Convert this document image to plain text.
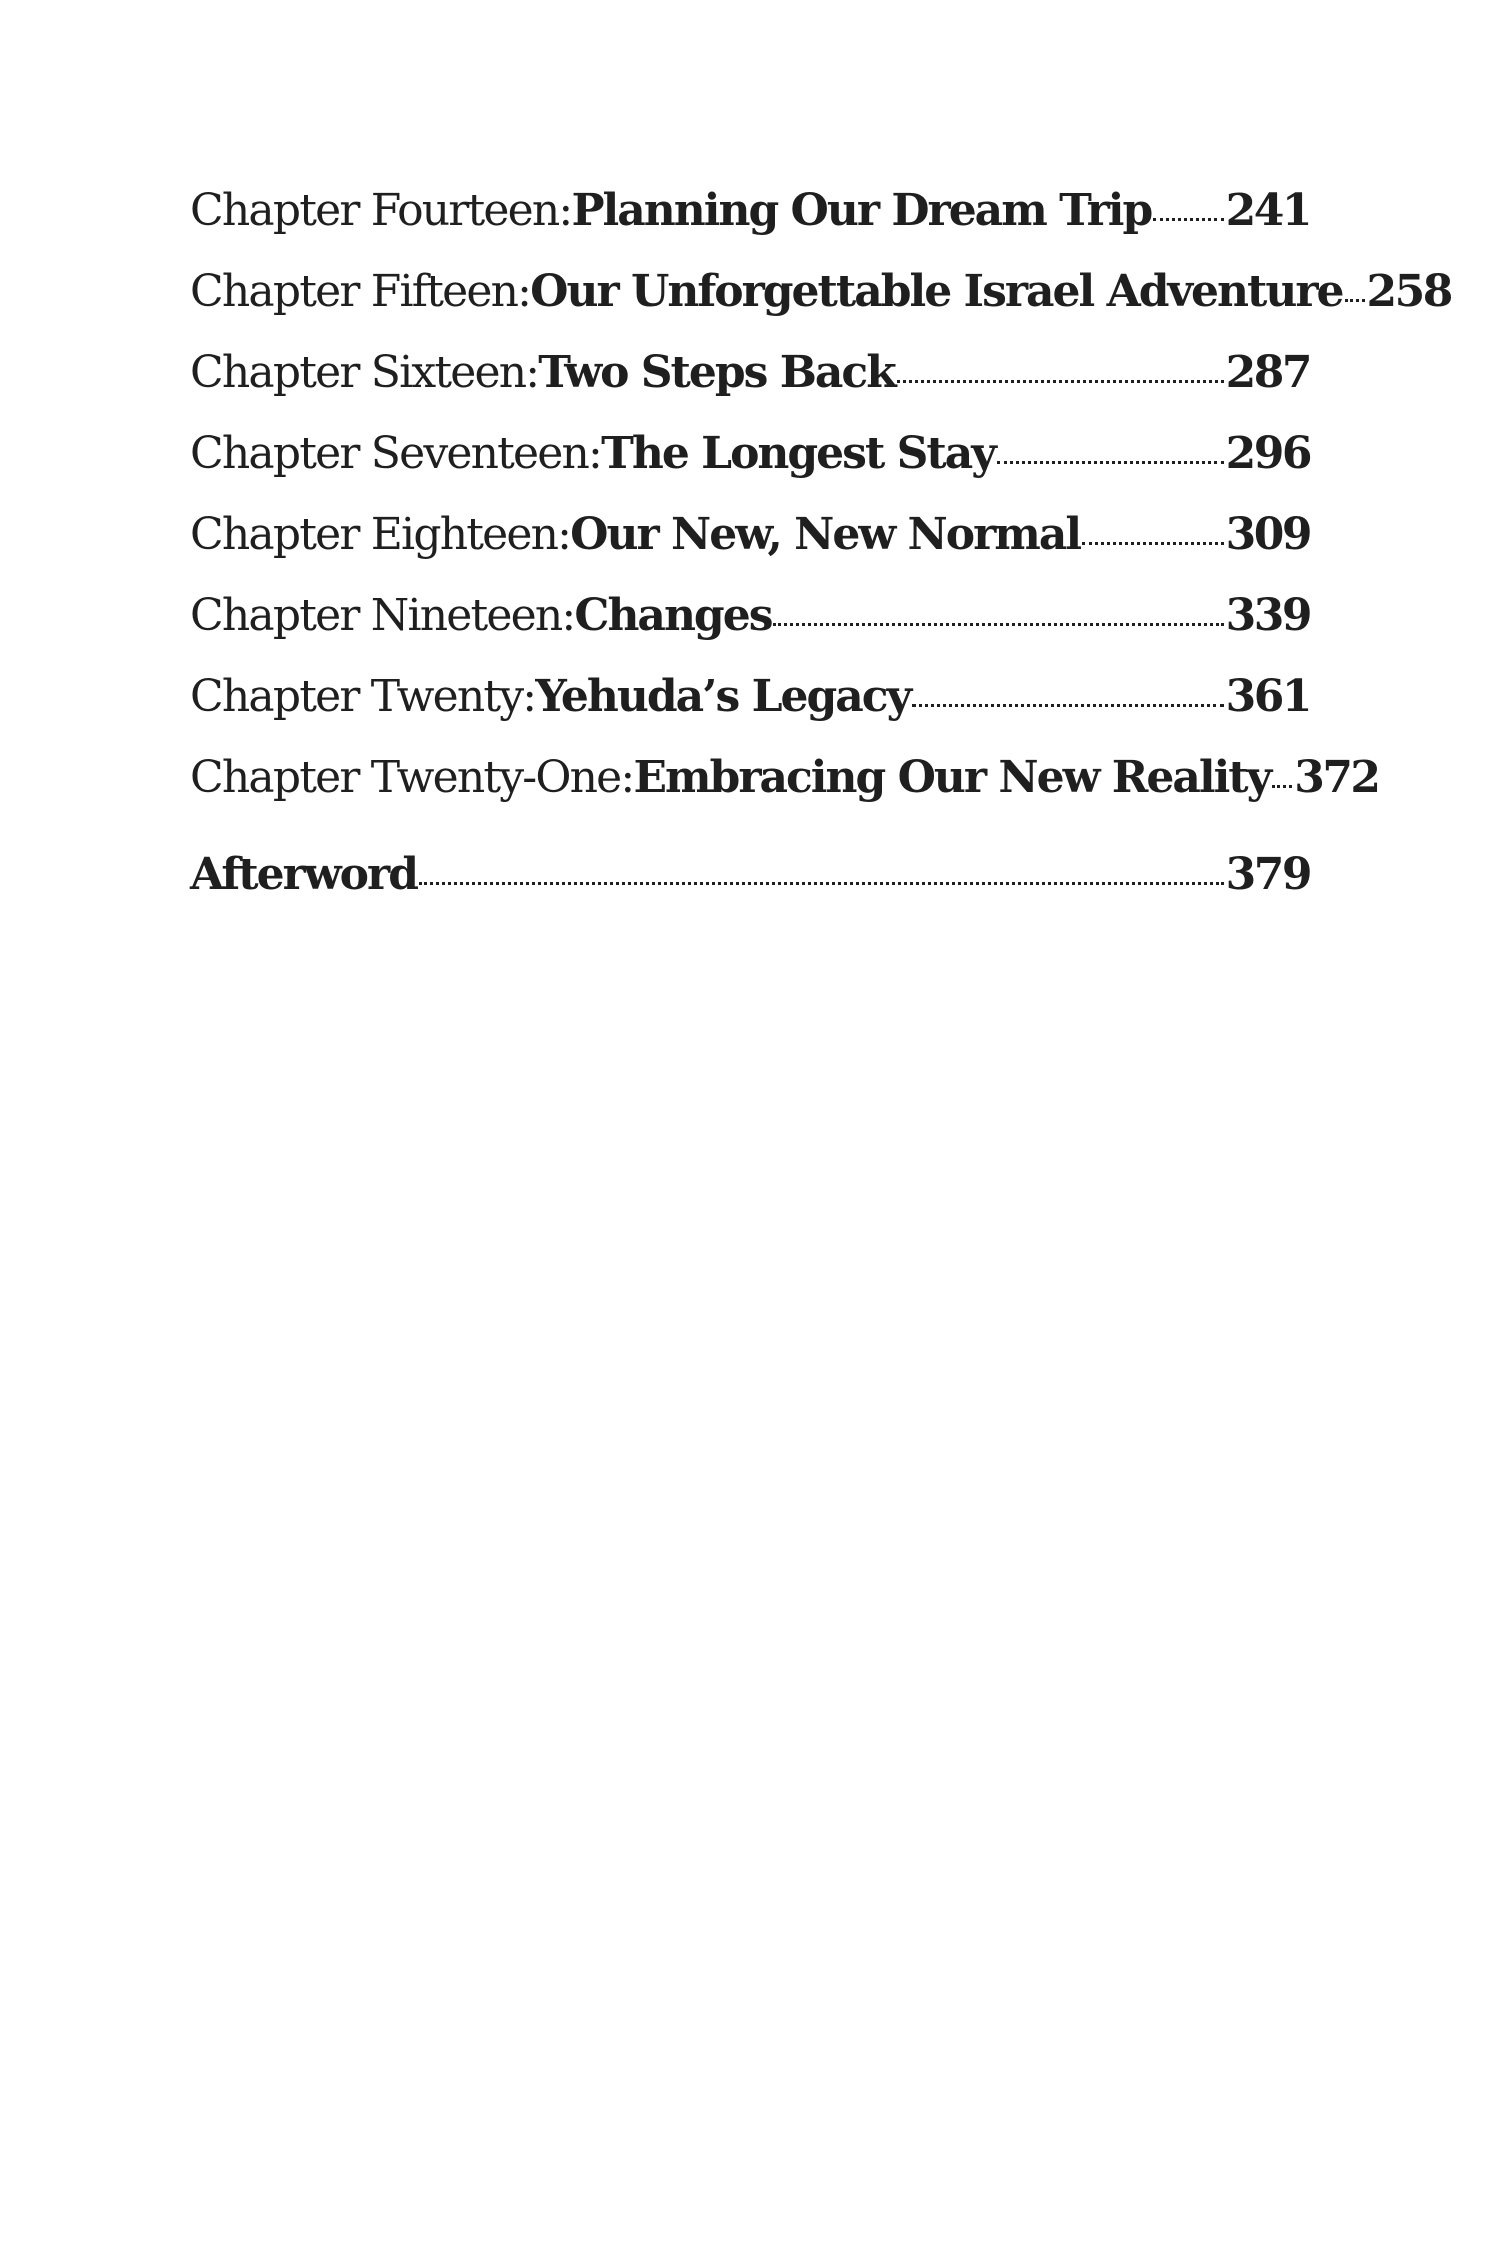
Chapter Fourteen: Planning Our Dream Trip 241
Chapter Fifteen: Our Unforgettable Israel Adventure 258
Chapter Sixteen: Two Steps Back	287
Chapter Seventeen: The Longest Stay	296
Chapter Eighteen: Our New, New Normal	309
Chapter Nineteen: Changes	339
Chapter Twenty: Yehuda’s Legacy	361
Chapter Twenty-One: Embracing Our New Reality 372
Afterword	379
